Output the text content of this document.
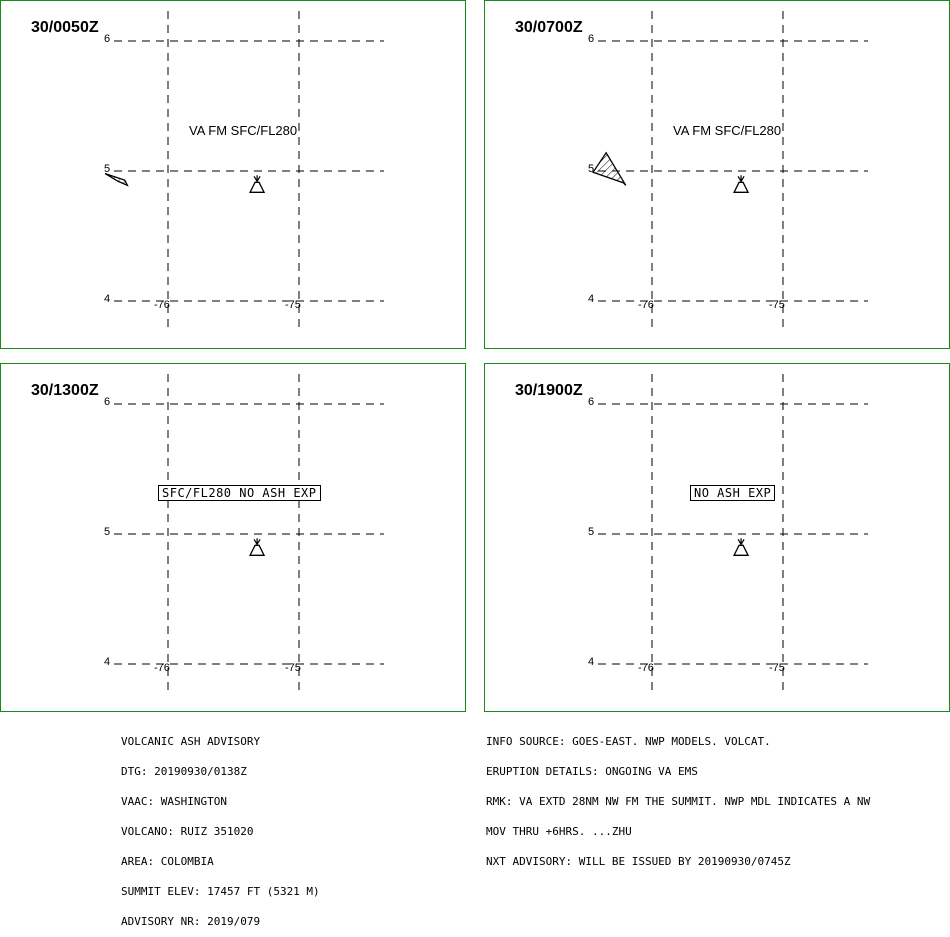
30/0050Z
6
5
4	-76	-75
VA FM SFC/FL280
30/0700Z
6
5
4	-76	-75
VA FM SFC/FL280
30/1300Z
6
5
4	-76	-75
SFC/FL280 NO ASH EXP
30/1900Z
6
5
4	-76	-75
NO ASH EXP

VOLCANIC ASH ADVISORY

DTG: 20190930/0138Z

VAAC: WASHINGTON

VOLCANO: RUIZ 351020

AREA: COLOMBIA

SUMMIT ELEV: 17457 FT (5321 M)

ADVISORY NR: 2019/079

INFO SOURCE: GOES-EAST. NWP MODELS. VOLCAT.

ERUPTION DETAILS: ONGOING VA EMS

RMK: VA EXTD 28NM NW FM THE SUMMIT. NWP MDL INDICATES A NW

MOV THRU +6HRS. ...ZHU

NXT ADVISORY: WILL BE ISSUED BY 20190930/0745Z
